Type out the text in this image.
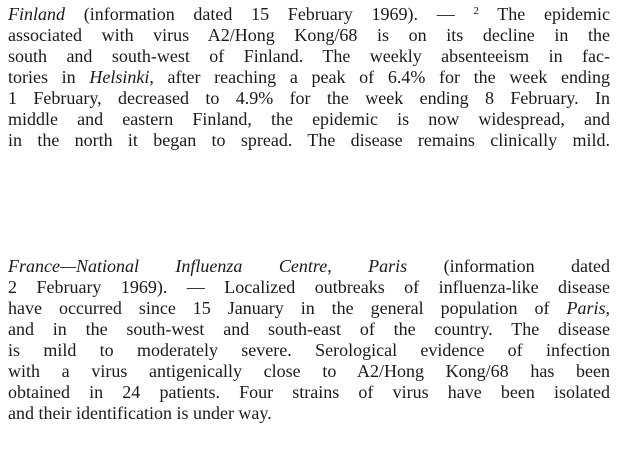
Finland (information dated 15 February 1969). — $^2$ The epidemic
associated with virus A2/Hong Kong/68 is on its decline in the
south and south-west of Finland. The weekly absenteeism in fac-
tories in Helsinki, after reaching a peak of 6.4% for the week ending
1 February, decreased to 4.9% for the week ending 8 February. In
middle and eastern Finland, the epidemic is now widespread, and
in the north it began to spread. The disease remains clinically mild.
France—National Influenza Centre, Paris (information dated
2 February 1969). — Localized outbreaks of influenza-like disease
have occurred since 15 January in the general population of Paris,
and in the south-west and south-east of the country. The disease
is mild to moderately severe. Serological evidence of infection
with a virus antigenically close to A2/Hong Kong/68 has been
obtained in 24 patients. Four strains of virus have been isolated
and their identification is under way.
